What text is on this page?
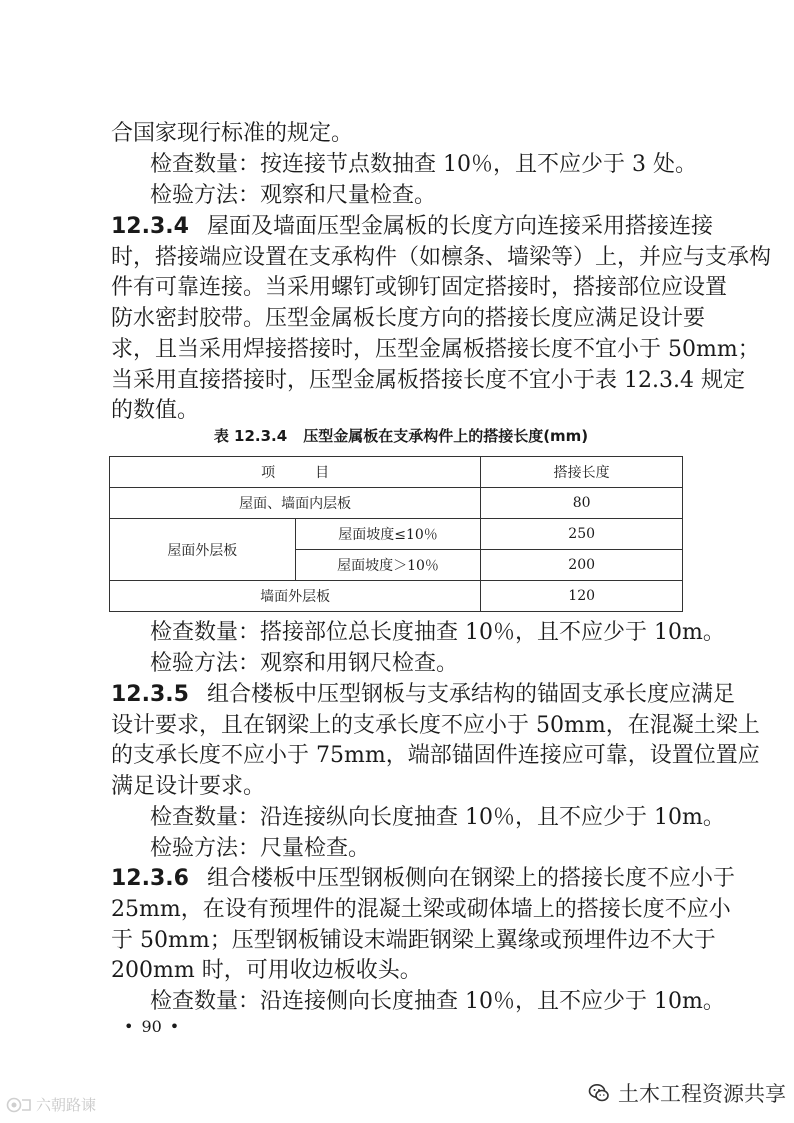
合国家现行标准的规定。
检查数量：按连接节点数抽查 10％，且不应少于 3 处。
检验方法：观察和尺量检查。
12.3.4 屋面及墙面压型金属板的长度方向连接采用搭接连接
时，搭接端应设置在支承构件（如檩条、墙梁等）上，并应与支承构
件有可靠连接。当采用螺钉或铆钉固定搭接时，搭接部位应设置
防水密封胶带。压型金属板长度方向的搭接长度应满足设计要
求，且当采用焊接搭接时，压型金属板搭接长度不宜小于 50mm；
当采用直接搭接时，压型金属板搭接长度不宜小于表 12.3.4 规定
的数值。
表 12.3.4 压型金属板在支承构件上的搭接长度(mm)
项 目		搭接长度
屋面、墙面内层板		80
屋面外层板	屋面坡度≤10％	250
	屋面坡度＞10％	200
墙面外层板		120
检查数量：搭接部位总长度抽查 10％，且不应少于 10m。
检验方法：观察和用钢尺检查。
12.3.5 组合楼板中压型钢板与支承结构的锚固支承长度应满足
设计要求，且在钢梁上的支承长度不应小于 50mm，在混凝土梁上
的支承长度不应小于 75mm，端部锚固件连接应可靠，设置位置应
满足设计要求。
检查数量：沿连接纵向长度抽查 10％，且不应少于 10m。
检验方法：尺量检查。
12.3.6 组合楼板中压型钢板侧向在钢梁上的搭接长度不应小于
25mm，在设有预埋件的混凝土梁或砌体墙上的搭接长度不应小
于 50mm；压型钢板铺设末端距钢梁上翼缘或预埋件边不大于
200mm 时，可用收边板收头。
检查数量：沿连接侧向长度抽查 10％，且不应少于 10m。
• 90 •
土木工程资源共享
六朝路谏
